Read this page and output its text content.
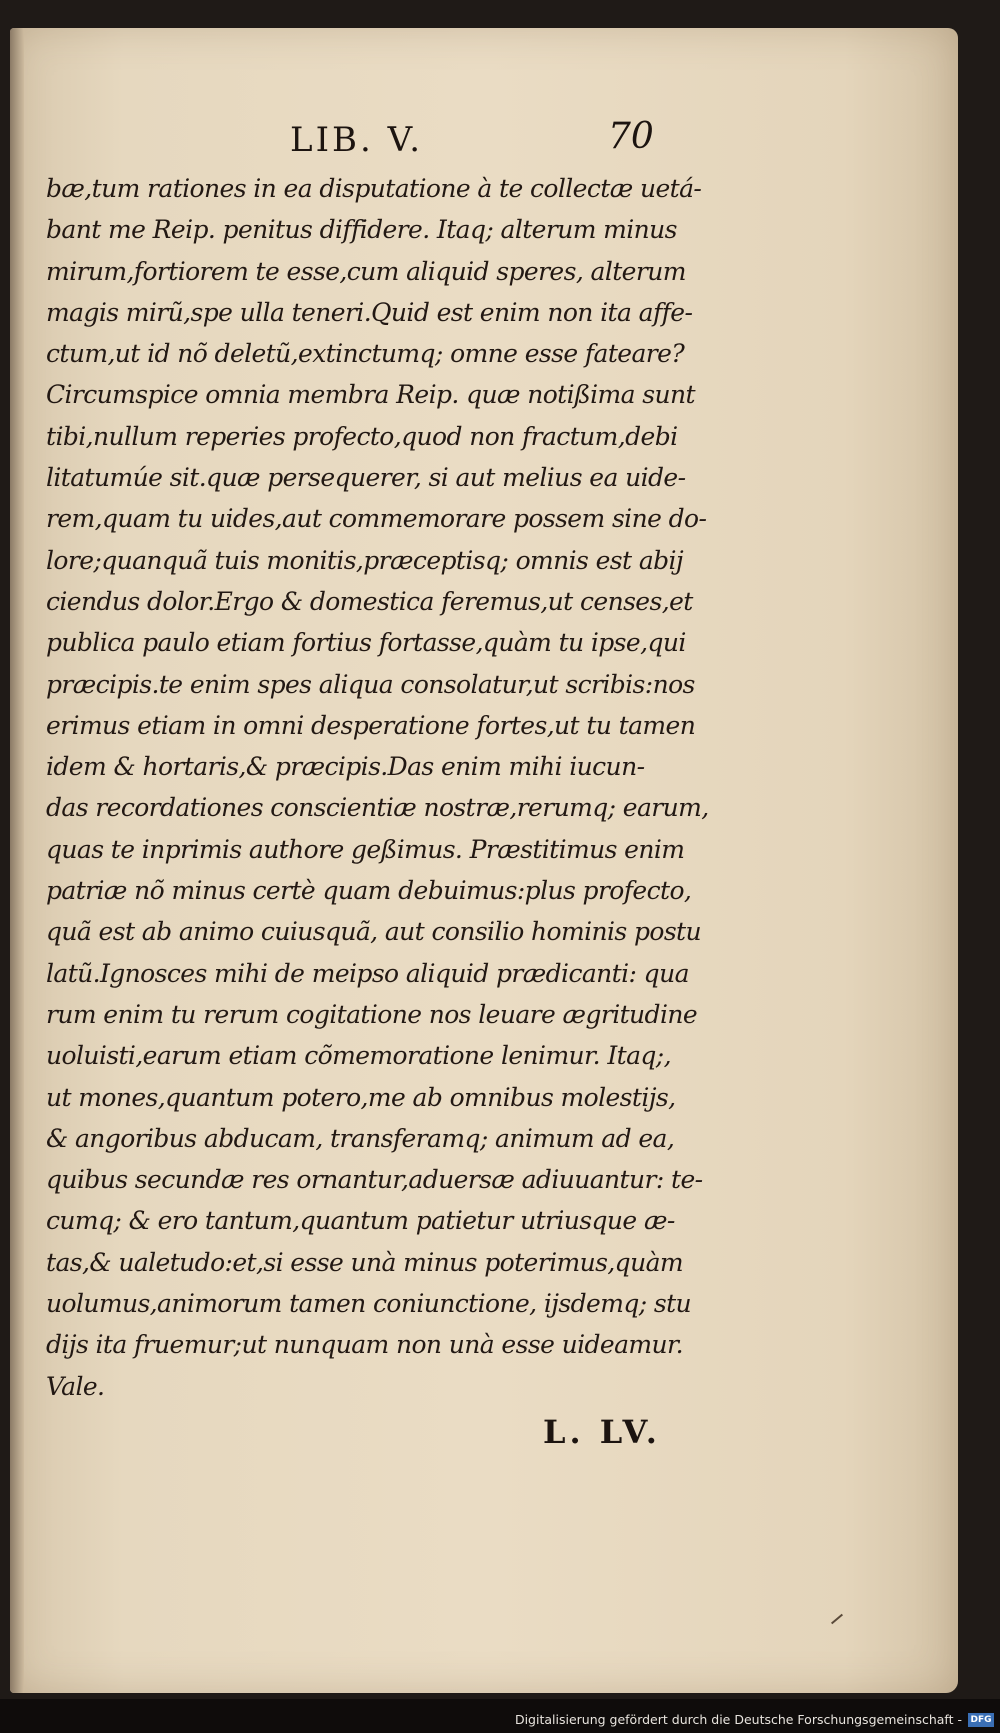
LIB. V.	70
bæ,tum rationes in ea disputatione à te collectæ uetá-
bant me Reip. penitus diffidere. Itaq; alterum minus
mirum,fortiorem te esse,cum aliquid speres, alterum
magis mirũ,spe ulla teneri.Quid est enim non ita affe-
ctum,ut id nõ deletũ,extinctumq; omne esse fateare?
Circumspice omnia membra Reip. quæ notißima sunt
tibi,nullum reperies profecto,quod non fractum,debi
litatumúe sit.quæ persequerer, si aut melius ea uide-
rem,quam tu uides,aut commemorare possem sine do-
lore;quanquã tuis monitis,præceptisq; omnis est abij
ciendus dolor.Ergo & domestica feremus,ut censes,et
publica paulo etiam fortius fortasse,quàm tu ipse,qui
præcipis.te enim spes aliqua consolatur,ut scribis:nos
erimus etiam in omni desperatione fortes,ut tu tamen
idem & hortaris,& præcipis.Das enim mihi iucun-
das recordationes conscientiæ nostræ,rerumq; earum,
quas te inprimis authore geßimus. Præstitimus enim
patriæ nõ minus certè quam debuimus:plus profecto,
quã est ab animo cuiusquã, aut consilio hominis postu
latũ.Ignosces mihi de meipso aliquid prædicanti: qua
rum enim tu rerum cogitatione nos leuare ægritudine
uoluisti,earum etiam cõmemoratione lenimur. Itaq;,
ut mones,quantum potero,me ab omnibus molestijs,
& angoribus abducam, transferamq; animum ad ea,
quibus secundæ res ornantur,aduersæ adiuuantur: te-
cumq; & ero tantum,quantum patietur utriusque æ-
tas,& ualetudo:et,si esse unà minus poterimus,quàm
uolumus,animorum tamen coniunctione, ijsdemq; stu
dijs ita fruemur;ut nunquam non unà esse uideamur.
Vale.
L. LV.
Digitalisierung gefördert durch die Deutsche Forschungsgemeinschaft - DFG
